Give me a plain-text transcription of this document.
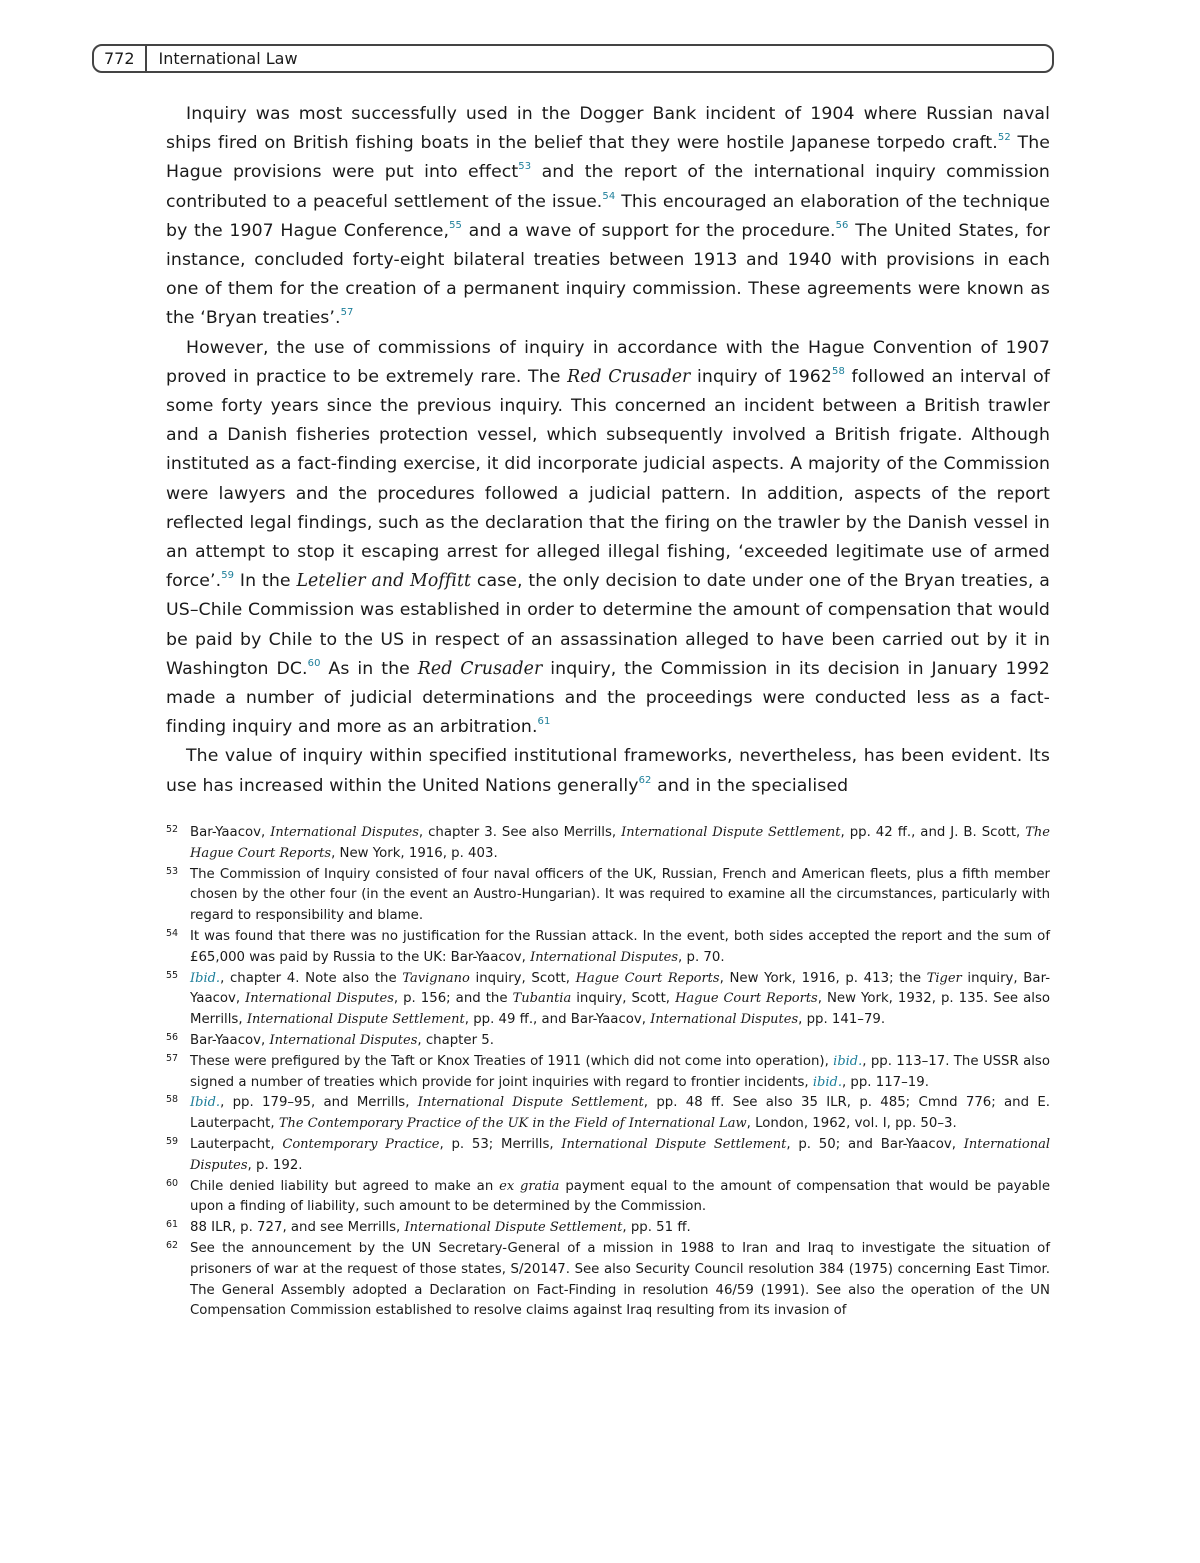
772	International Law

Inquiry was most successfully used in the Dogger Bank incident of 1904 where Russian naval ships fired on British fishing boats in the belief that they were hostile Japanese torpedo craft.$^{52}$ The Hague provisions were put into effect$^{53}$ and the report of the international inquiry commission contributed to a peaceful settlement of the issue.$^{54}$ This encouraged an elaboration of the technique by the 1907 Hague Conference,$^{55}$ and a wave of support for the procedure.$^{56}$ The United States, for instance, concluded forty-eight bilateral treaties between 1913 and 1940 with provisions in each one of them for the creation of a permanent inquiry commission. These agreements were known as the ‘Bryan treaties’.$^{57}$

However, the use of commissions of inquiry in accordance with the Hague Convention of 1907 proved in practice to be extremely rare. The Red Crusader inquiry of 1962$^{58}$ followed an interval of some forty years since the previous inquiry. This concerned an incident between a British trawler and a Danish fisheries protection vessel, which subsequently involved a British frigate. Although instituted as a fact-finding exercise, it did incorporate judicial aspects. A majority of the Commission were lawyers and the procedures followed a judicial pattern. In addition, aspects of the report reflected legal findings, such as the declaration that the firing on the trawler by the Danish vessel in an attempt to stop it escaping arrest for alleged illegal fishing, ‘exceeded legitimate use of armed force’.$^{59}$ In the Letelier and Moffitt case, the only decision to date under one of the Bryan treaties, a US–Chile Commission was established in order to determine the amount of compensation that would be paid by Chile to the US in respect of an assassination alleged to have been carried out by it in Washington DC.$^{60}$ As in the Red Crusader inquiry, the Commission in its decision in January 1992 made a number of judicial determinations and the proceedings were conducted less as a fact-finding inquiry and more as an arbitration.$^{61}$

The value of inquiry within specified institutional frameworks, nevertheless, has been evident. Its use has increased within the United Nations generally$^{62}$ and in the specialised

52 Bar-Yaacov, International Disputes, chapter 3. See also Merrills, International Dispute Settlement, pp. 42 ff., and J. B. Scott, The Hague Court Reports, New York, 1916, p. 403.
53 The Commission of Inquiry consisted of four naval officers of the UK, Russian, French and American fleets, plus a fifth member chosen by the other four (in the event an Austro-Hungarian). It was required to examine all the circumstances, particularly with regard to responsibility and blame.
54 It was found that there was no justification for the Russian attack. In the event, both sides accepted the report and the sum of £65,000 was paid by Russia to the UK: Bar-Yaacov, International Disputes, p. 70.
55 Ibid., chapter 4. Note also the Tavignano inquiry, Scott, Hague Court Reports, New York, 1916, p. 413; the Tiger inquiry, Bar-Yaacov, International Disputes, p. 156; and the Tubantia inquiry, Scott, Hague Court Reports, New York, 1932, p. 135. See also Merrills, International Dispute Settlement, pp. 49 ff., and Bar-Yaacov, International Disputes, pp. 141–79.
56 Bar-Yaacov, International Disputes, chapter 5.
57 These were prefigured by the Taft or Knox Treaties of 1911 (which did not come into operation), ibid., pp. 113–17. The USSR also signed a number of treaties which provide for joint inquiries with regard to frontier incidents, ibid., pp. 117–19.
58 Ibid., pp. 179–95, and Merrills, International Dispute Settlement, pp. 48 ff. See also 35 ILR, p. 485; Cmnd 776; and E. Lauterpacht, The Contemporary Practice of the UK in the Field of International Law, London, 1962, vol. I, pp. 50–3.
59 Lauterpacht, Contemporary Practice, p. 53; Merrills, International Dispute Settlement, p. 50; and Bar-Yaacov, International Disputes, p. 192.
60 Chile denied liability but agreed to make an ex gratia payment equal to the amount of compensation that would be payable upon a finding of liability, such amount to be determined by the Commission.
61 88 ILR, p. 727, and see Merrills, International Dispute Settlement, pp. 51 ff.
62 See the announcement by the UN Secretary-General of a mission in 1988 to Iran and Iraq to investigate the situation of prisoners of war at the request of those states, S/20147. See also Security Council resolution 384 (1975) concerning East Timor. The General Assembly adopted a Declaration on Fact-Finding in resolution 46/59 (1991). See also the operation of the UN Compensation Commission established to resolve claims against Iraq resulting from its invasion of
